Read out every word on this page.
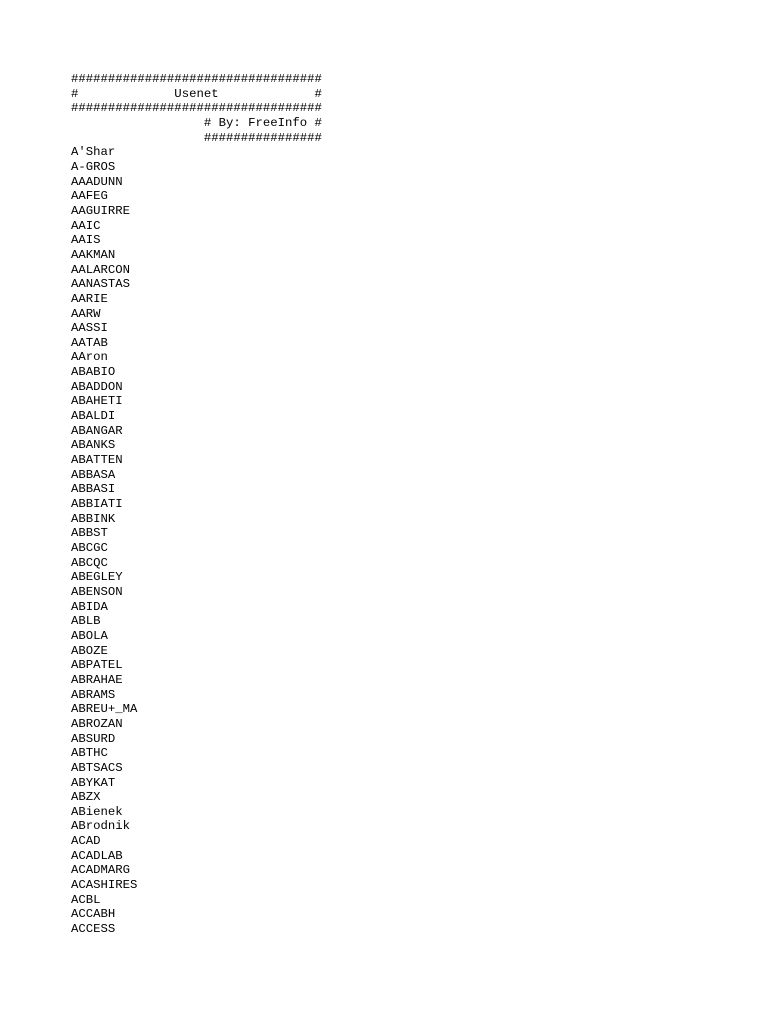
##################################
#             Usenet             #
##################################
# By: FreeInfo #
################
A'Shar
A-GROS
AAADUNN
AAFEG
AAGUIRRE
AAIC
AAIS
AAKMAN
AALARCON
AANASTAS
AARIE
AARW
AASSI
AATAB
AAron
ABABIO
ABADDON
ABAHETI
ABALDI
ABANGAR
ABANKS
ABATTEN
ABBASA
ABBASI
ABBIATI
ABBINK
ABBST
ABCGC
ABCQC
ABEGLEY
ABENSON
ABIDA
ABLB
ABOLA
ABOZE
ABPATEL
ABRAHAE
ABRAMS
ABREU+_MA
ABROZAN
ABSURD
ABTHC
ABTSACS
ABYKAT
ABZX
ABienek
ABrodnik
ACAD
ACADLAB
ACADMARG
ACASHIRES
ACBL
ACCABH
ACCESS
